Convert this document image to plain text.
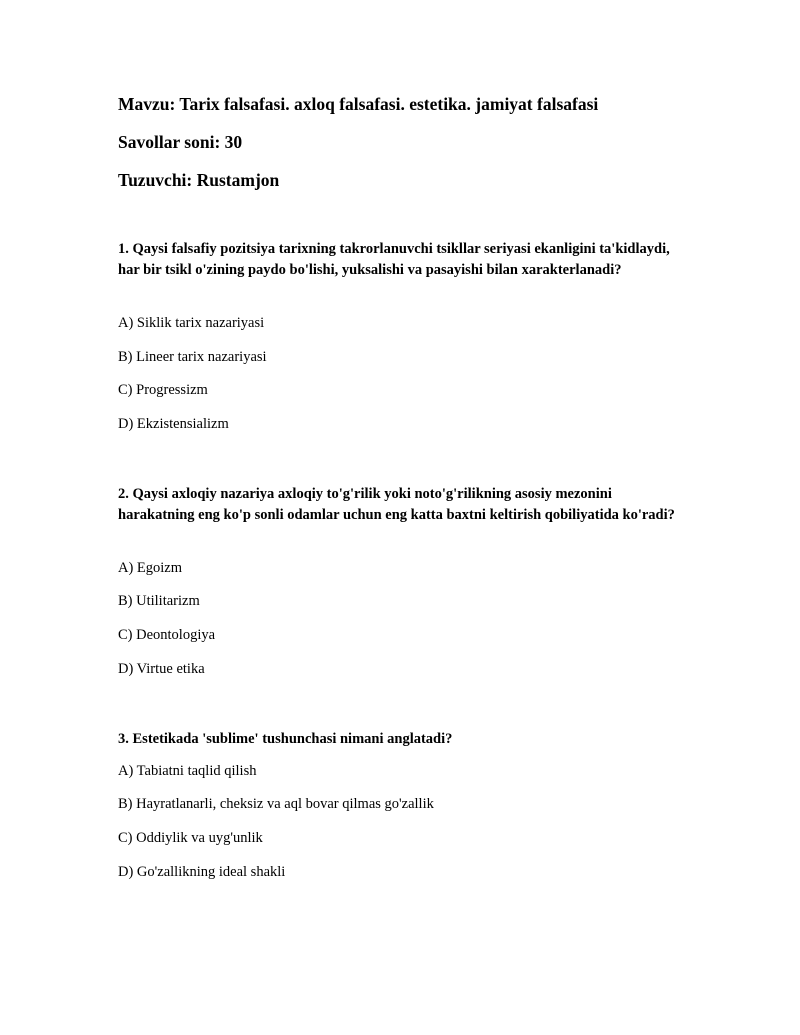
Mavzu: Tarix falsafasi. axloq falsafasi. estetika. jamiyat falsafasi
Savollar soni: 30
Tuzuvchi: Rustamjon
1. Qaysi falsafiy pozitsiya tarixning takrorlanuvchi tsikllar seriyasi ekanligini ta'kidlaydi, har bir tsikl o'zining paydo bo'lishi, yuksalishi va pasayishi bilan xarakterlanadi?
A) Siklik tarix nazariyasi
B) Lineer tarix nazariyasi
C) Progressizm
D) Ekzistensializm
2. Qaysi axloqiy nazariya axloqiy to'g'rilik yoki noto'g'rilikning asosiy mezonini harakatning eng ko'p sonli odamlar uchun eng katta baxtni keltirish qobiliyatida ko'radi?
A) Egoizm
B) Utilitarizm
C) Deontologiya
D) Virtue etika
3. Estetikada 'sublime' tushunchasi nimani anglatadi?
A) Tabiatni taqlid qilish
B) Hayratlanarli, cheksiz va aql bovar qilmas go'zallik
C) Oddiylik va uyg'unlik
D) Go'zallikning ideal shakli
